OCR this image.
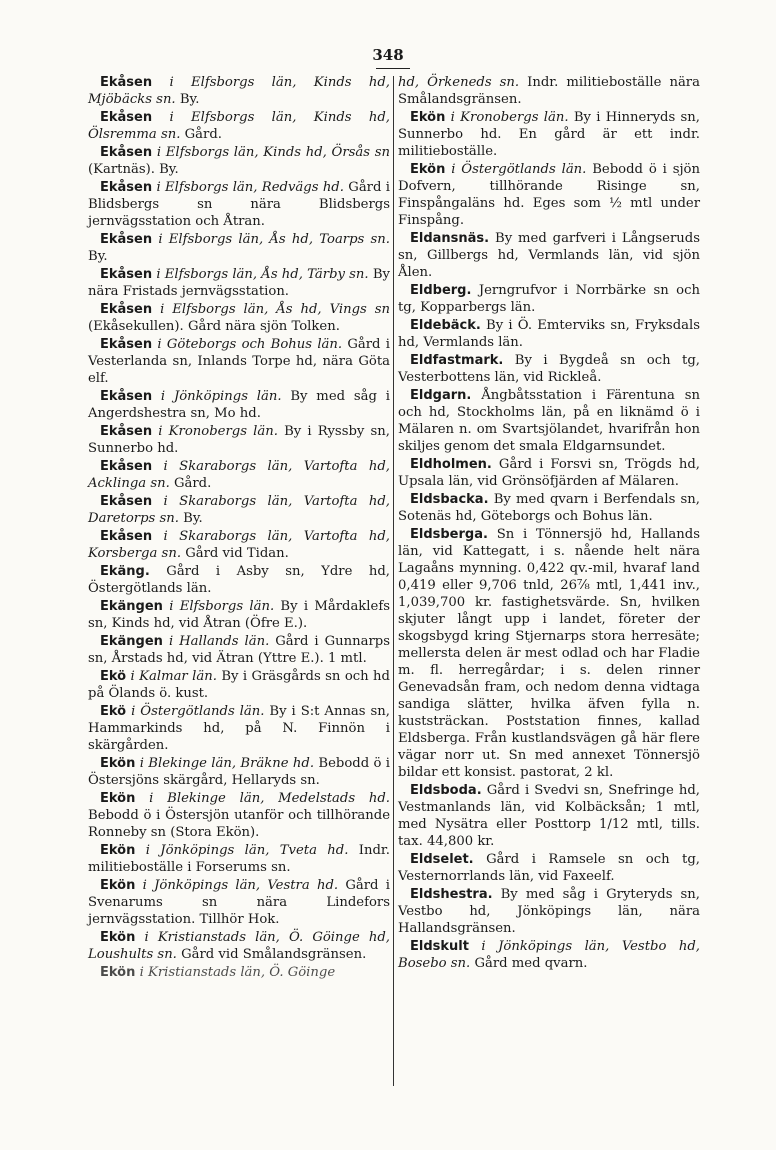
348
Ekåsen i Elfsborgs län, Kinds hd, Mjöbäcks sn. By.
Ekåsen i Elfsborgs län, Kinds hd, Ölsremma sn. Gård.
Ekåsen i Elfsborgs län, Kinds hd, Örsås sn (Kartnäs). By.
Ekåsen i Elfsborgs län, Redvägs hd. Gård i Blidsbergs sn nära Blidsbergs jernvägsstation och Åtran.
Ekåsen i Elfsborgs län, Ås hd, Toarps sn. By.
Ekåsen i Elfsborgs län, Ås hd, Tärby sn. By nära Fristads jernvägsstation.
Ekåsen i Elfsborgs län, Ås hd, Vings sn (Ekåsekullen). Gård nära sjön Tolken.
Ekåsen i Göteborgs och Bohus län. Gård i Vesterlanda sn, Inlands Torpe hd, nära Göta elf.
Ekåsen i Jönköpings län. By med såg i Angerdshestra sn, Mo hd.
Ekåsen i Kronobergs län. By i Ryssby sn, Sunnerbo hd.
Ekåsen i Skaraborgs län, Vartofta hd, Acklinga sn. Gård.
Ekåsen i Skaraborgs län, Vartofta hd, Daretorps sn. By.
Ekåsen i Skaraborgs län, Vartofta hd, Korsberga sn. Gård vid Tidan.
Ekäng. Gård i Asby sn, Ydre hd, Östergötlands län.
Ekängen i Elfsborgs län. By i Mårdaklefs sn, Kinds hd, vid Åtran (Öfre E.).
Ekängen i Hallands län. Gård i Gunnarps sn, Årstads hd, vid Ätran (Yttre E.). 1 mtl.
Ekö i Kalmar län. By i Gräsgårds sn och hd på Ölands ö. kust.
Ekö i Östergötlands län. By i S:t Annas sn, Hammarkinds hd, på N. Finnön i skärgården.
Ekön i Blekinge län, Bräkne hd. Bebodd ö i Östersjöns skärgård, Hellaryds sn.
Ekön i Blekinge län, Medelstads hd. Bebodd ö i Östersjön utanför och tillhörande Ronneby sn (Stora Ekön).
Ekön i Jönköpings län, Tveta hd. Indr. militieboställe i Forserums sn.
Ekön i Jönköpings län, Vestra hd. Gård i Svenarums sn nära Lindefors jernvägsstation. Tillhör Hok.
Ekön i Kristianstads län, Ö. Göinge hd, Loushults sn. Gård vid Smålandsgränsen.
Ekön i Kristianstads län, Ö. Göinge
hd, Örkeneds sn. Indr. militieboställe nära Smålandsgränsen.
Ekön i Kronobergs län. By i Hinneryds sn, Sunnerbo hd. En gård är ett indr. militieboställe.
Ekön i Östergötlands län. Bebodd ö i sjön Dofvern, tillhörande Risinge sn, Finspångaläns hd. Eges som ½ mtl under Finspång.
Eldansnäs. By med garfveri i Långseruds sn, Gillbergs hd, Vermlands län, vid sjön Ålen.
Eldberg. Jerngrufvor i Norrbärke sn och tg, Kopparbergs län.
Eldebäck. By i Ö. Emterviks sn, Fryksdals hd, Vermlands län.
Eldfastmark. By i Bygdeå sn och tg, Vesterbottens län, vid Rickleå.
Eldgarn. Ångbåtsstation i Färentuna sn och hd, Stockholms län, på en liknämd ö i Mälaren n. om Svartsjölandet, hvarifrån hon skiljes genom det smala Eldgarnsundet.
Eldholmen. Gård i Forsvi sn, Trögds hd, Upsala län, vid Grönsöfjärden af Mälaren.
Eldsbacka. By med qvarn i Berfendals sn, Sotenäs hd, Göteborgs och Bohus län.
Eldsberga. Sn i Tönnersjö hd, Hallands län, vid Kattegatt, i s. nående helt nära Lagaåns mynning. 0,422 qv.-mil, hvaraf land 0,419 eller 9,706 tnld, 26⅞ mtl, 1,441 inv., 1,039,700 kr. fastighetsvärde. Sn, hvilken skjuter långt upp i landet, företer der skogsbygd kring Stjernarps stora herresäte; mellersta delen är mest odlad och har Fladie m. fl. herregårdar; i s. delen rinner Genevadsån fram, och nedom denna vidtaga sandiga slätter, hvilka äfven fylla n. kuststräckan. Poststation finnes, kallad Eldsberga. Från kustlandsvägen gå här flere vägar norr ut. Sn med annexet Tönnersjö bildar ett konsist. pastorat, 2 kl.
Eldsboda. Gård i Svedvi sn, Snefringe hd, Vestmanlands län, vid Kolbäcksån; 1 mtl, med Nysätra eller Posttorp 1/12 mtl, tills. tax. 44,800 kr.
Eldselet. Gård i Ramsele sn och tg, Vesternorrlands län, vid Faxeelf.
Eldshestra. By med såg i Gryteryds sn, Vestbo hd, Jönköpings län, nära Hallandsgränsen.
Eldskult i Jönköpings län, Vestbo hd, Bosebo sn. Gård med qvarn.
